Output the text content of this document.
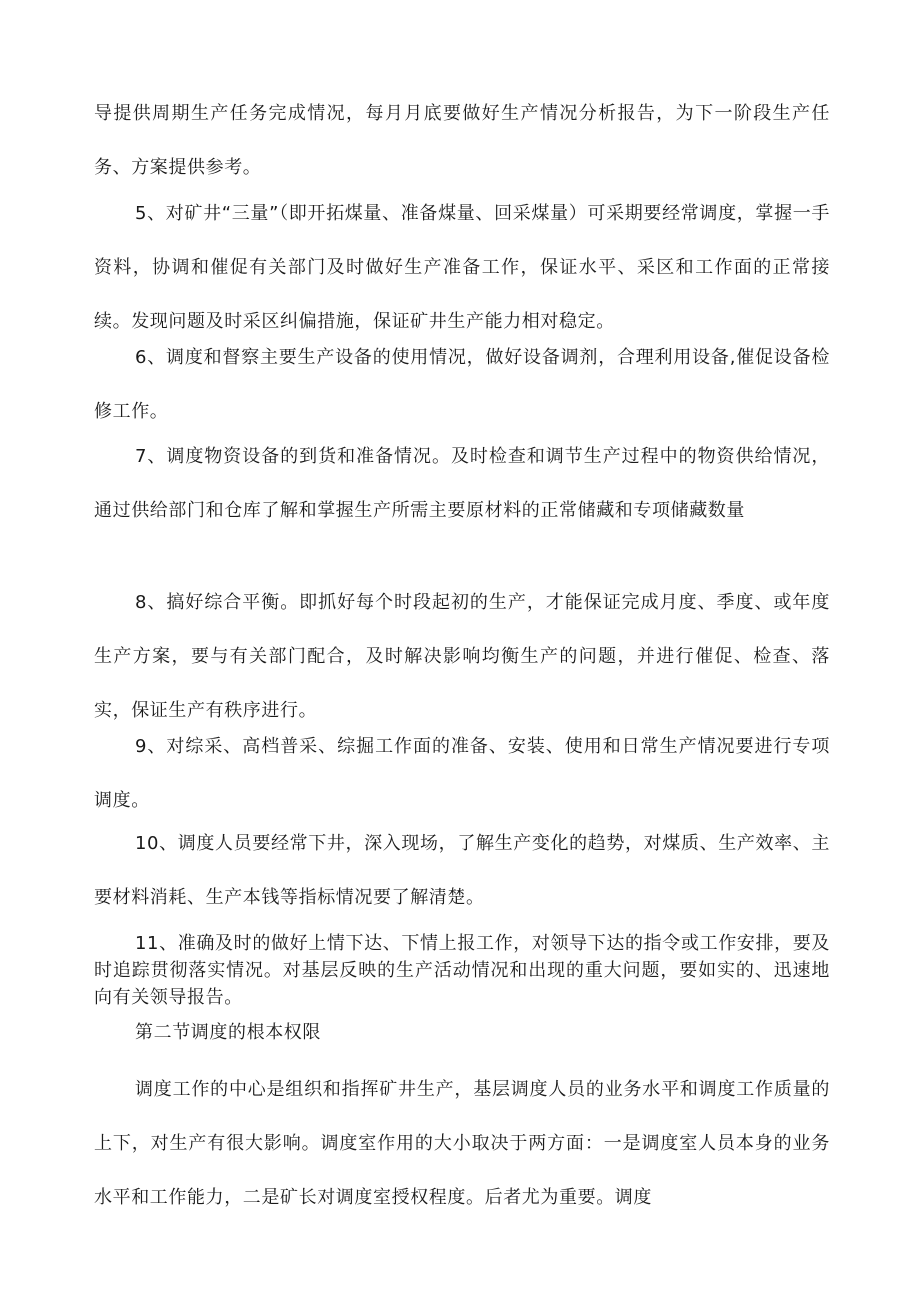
导提供周期生产任务完成情况，每月月底要做好生产情况分析报告，为下一阶段生产任务、方案提供参考。

5、对矿井“三量”（即开拓煤量、准备煤量、回采煤量）可采期要经常调度，掌握一手资料，协调和催促有关部门及时做好生产准备工作，保证水平、采区和工作面的正常接续。发现问题及时采区纠偏措施，保证矿井生产能力相对稳定。

6、调度和督察主要生产设备的使用情况，做好设备调剂，合理利用设备,催促设备检修工作。

7、调度物资设备的到货和准备情况。及时检查和调节生产过程中的物资供给情况，通过供给部门和仓库了解和掌握生产所需主要原材料的正常储藏和专项储藏数量

8、搞好综合平衡。即抓好每个时段起初的生产，才能保证完成月度、季度、或年度生产方案，要与有关部门配合，及时解决影响均衡生产的问题，并进行催促、检查、落实，保证生产有秩序进行。

9、对综采、高档普采、综掘工作面的准备、安装、使用和日常生产情况要进行专项调度。

10、调度人员要经常下井，深入现场，了解生产变化的趋势，对煤质、生产效率、主要材料消耗、生产本钱等指标情况要了解清楚。

11、准确及时的做好上情下达、下情上报工作，对领导下达的指令或工作安排，要及时追踪贯彻落实情况。对基层反映的生产活动情况和出现的重大问题，要如实的、迅速地向有关领导报告。

第二节调度的根本权限

调度工作的中心是组织和指挥矿井生产，基层调度人员的业务水平和调度工作质量的上下，对生产有很大影响。调度室作用的大小取决于两方面：一是调度室人员本身的业务水平和工作能力，二是矿长对调度室授权程度。后者尤为重要。调度
